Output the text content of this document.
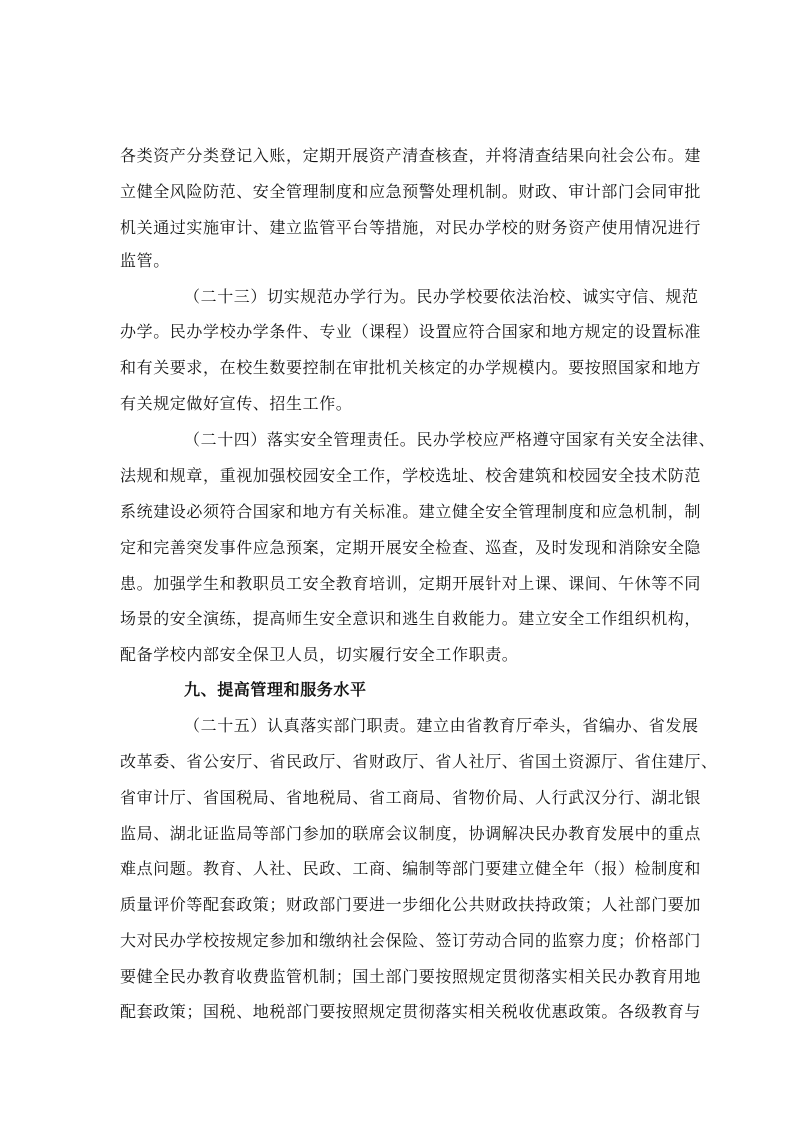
各类资产分类登记入账，定期开展资产清查核查，并将清查结果向社会公布。建
立健全风险防范、安全管理制度和应急预警处理机制。财政、审计部门会同审批
机关通过实施审计、建立监管平台等措施，对民办学校的财务资产使用情况进行
监管。
（二十三）切实规范办学行为。民办学校要依法治校、诚实守信、规范
办学。民办学校办学条件、专业（课程）设置应符合国家和地方规定的设置标准
和有关要求，在校生数要控制在审批机关核定的办学规模内。要按照国家和地方
有关规定做好宣传、招生工作。
（二十四）落实安全管理责任。民办学校应严格遵守国家有关安全法律、
法规和规章，重视加强校园安全工作，学校选址、校舍建筑和校园安全技术防范
系统建设必须符合国家和地方有关标准。建立健全安全管理制度和应急机制，制
定和完善突发事件应急预案，定期开展安全检查、巡查，及时发现和消除安全隐
患。加强学生和教职员工安全教育培训，定期开展针对上课、课间、午休等不同
场景的安全演练，提高师生安全意识和逃生自救能力。建立安全工作组织机构，
配备学校内部安全保卫人员，切实履行安全工作职责。
九、提高管理和服务水平
（二十五）认真落实部门职责。建立由省教育厅牵头，省编办、省发展
改革委、省公安厅、省民政厅、省财政厅、省人社厅、省国土资源厅、省住建厅、
省审计厅、省国税局、省地税局、省工商局、省物价局、人行武汉分行、湖北银
监局、湖北证监局等部门参加的联席会议制度，协调解决民办教育发展中的重点
难点问题。教育、人社、民政、工商、编制等部门要建立健全年（报）检制度和
质量评价等配套政策；财政部门要进一步细化公共财政扶持政策；人社部门要加
大对民办学校按规定参加和缴纳社会保险、签订劳动合同的监察力度；价格部门
要健全民办教育收费监管机制；国土部门要按照规定贯彻落实相关民办教育用地
配套政策；国税、地税部门要按照规定贯彻落实相关税收优惠政策。各级教育与
